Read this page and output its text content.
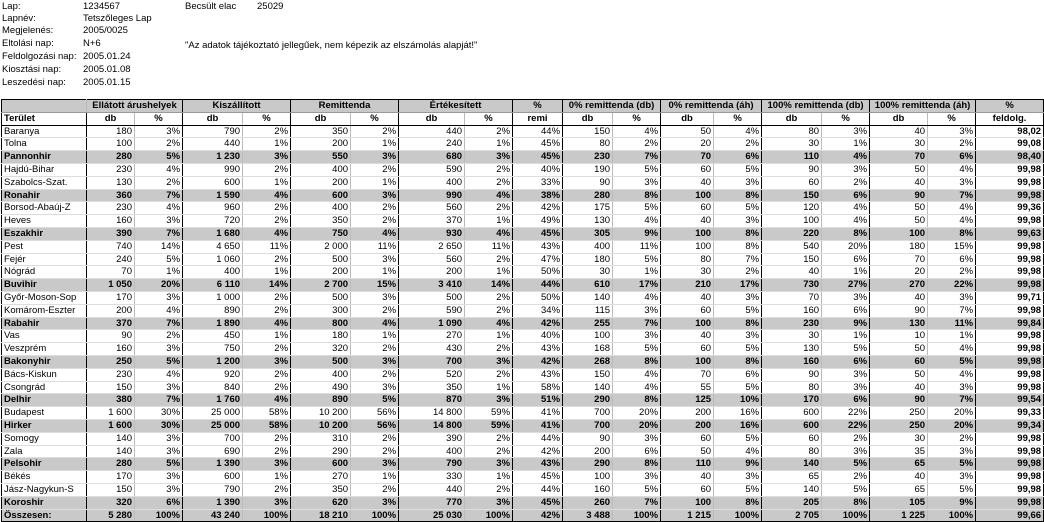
Lap:	1234567
Lapnév:	Tetszőleges Lap
Megjelenés:	2005/0025
Eltolási nap:	N+6
Feldolgozási nap: 2005.01.24
Kiosztási nap: 2005.01.08
Leszedési nap: 2005.01.15
Becsült elac 25029
"Az adatok tájékoztató jellegűek, nem képezik az elszámolás alapját!"
	Ellátott árushelyek		Kiszállított		Remittenda		Értékesített		%	0% remittenda (db)		0% remittenda (áh)		100% remittenda (db)		100% remittenda (áh)		%
Terület	db	%	db	%	db	%	db	%	remi	db	%	db	%	db	%	db	%	feldolg.
Baranya	180	3%	790	2%	350	2%	440	2%	44%	150	4%	50	4%	80	3%	40	3%	98,02
Tolna	100	2%	440	1%	200	1%	240	1%	45%	80	2%	20	2%	30	1%	30	2%	99,08
Pannonhir	280	5%	1 230	3%	550	3%	680	3%	45%	230	7%	70	6%	110	4%	70	6%	98,40
Hajdú-Bihar	230	4%	990	2%	400	2%	590	2%	40%	190	5%	60	5%	90	3%	50	4%	99,98
Szabolcs-Szat.	130	2%	600	1%	200	1%	400	2%	33%	90	3%	40	3%	60	2%	40	3%	99,98
Ronahir	360	7%	1 590	4%	600	3%	990	4%	38%	280	8%	100	8%	150	6%	90	7%	99,98
Borsod-Abaúj-Z	230	4%	960	2%	400	2%	560	2%	42%	175	5%	60	5%	120	4%	50	4%	99,36
Heves	160	3%	720	2%	350	2%	370	1%	49%	130	4%	40	3%	100	4%	50	4%	99,98
Eszakhir	390	7%	1 680	4%	750	4%	930	4%	45%	305	9%	100	8%	220	8%	100	8%	99,63
Pest	740	14%	4 650	11%	2 000	11%	2 650	11%	43%	400	11%	100	8%	540	20%	180	15%	99,98
Fejér	240	5%	1 060	2%	500	3%	560	2%	47%	180	5%	80	7%	150	6%	70	6%	99,98
Nógrád	70	1%	400	1%	200	1%	200	1%	50%	30	1%	30	2%	40	1%	20	2%	99,98
Buvihir	1 050	20%	6 110	14%	2 700	15%	3 410	14%	44%	610	17%	210	17%	730	27%	270	22%	99,98
Győr-Moson-Sop	170	3%	1 000	2%	500	3%	500	2%	50%	140	4%	40	3%	70	3%	40	3%	99,71
Komárom-Eszter	200	4%	890	2%	300	2%	590	2%	34%	115	3%	60	5%	160	6%	90	7%	99,98
Rabahir	370	7%	1 890	4%	800	4%	1 090	4%	42%	255	7%	100	8%	230	9%	130	11%	99,84
Vas	90	2%	450	1%	180	1%	270	1%	40%	100	3%	40	3%	30	1%	10	1%	99,98
Veszprém	160	3%	750	2%	320	2%	430	2%	43%	168	5%	60	5%	130	5%	50	4%	99,98
Bakonyhir	250	5%	1 200	3%	500	3%	700	3%	42%	268	8%	100	8%	160	6%	60	5%	99,98
Bács-Kiskun	230	4%	920	2%	400	2%	520	2%	43%	150	4%	70	6%	90	3%	50	4%	99,98
Csongrád	150	3%	840	2%	490	3%	350	1%	58%	140	4%	55	5%	80	3%	40	3%	99,98
Delhir	380	7%	1 760	4%	890	5%	870	3%	51%	290	8%	125	10%	170	6%	90	7%	99,54
Budapest	1 600	30%	25 000	58%	10 200	56%	14 800	59%	41%	700	20%	200	16%	600	22%	250	20%	99,33
Hirker	1 600	30%	25 000	58%	10 200	56%	14 800	59%	41%	700	20%	200	16%	600	22%	250	20%	99,34
Somogy	140	3%	700	2%	310	2%	390	2%	44%	90	3%	60	5%	60	2%	30	2%	99,98
Zala	140	3%	690	2%	290	2%	400	2%	42%	200	6%	50	4%	80	3%	35	3%	99,98
Pelsohir	280	5%	1 390	3%	600	3%	790	3%	43%	290	8%	110	9%	140	5%	65	5%	99,98
Békés	170	3%	600	1%	270	1%	330	1%	45%	100	3%	40	3%	65	2%	40	3%	99,98
Jász-Nagykun-S	150	3%	790	2%	350	2%	440	2%	44%	160	5%	60	5%	140	5%	65	5%	99,98
Koroshir	320	6%	1 390	3%	620	3%	770	3%	45%	260	7%	100	8%	205	8%	105	9%	99,98
Összesen:	5 280	100%	43 240	100%	18 210	100%	25 030	100%	42%	3 488	100%	1 215	100%	2 705	100%	1 225	100%	99,66
